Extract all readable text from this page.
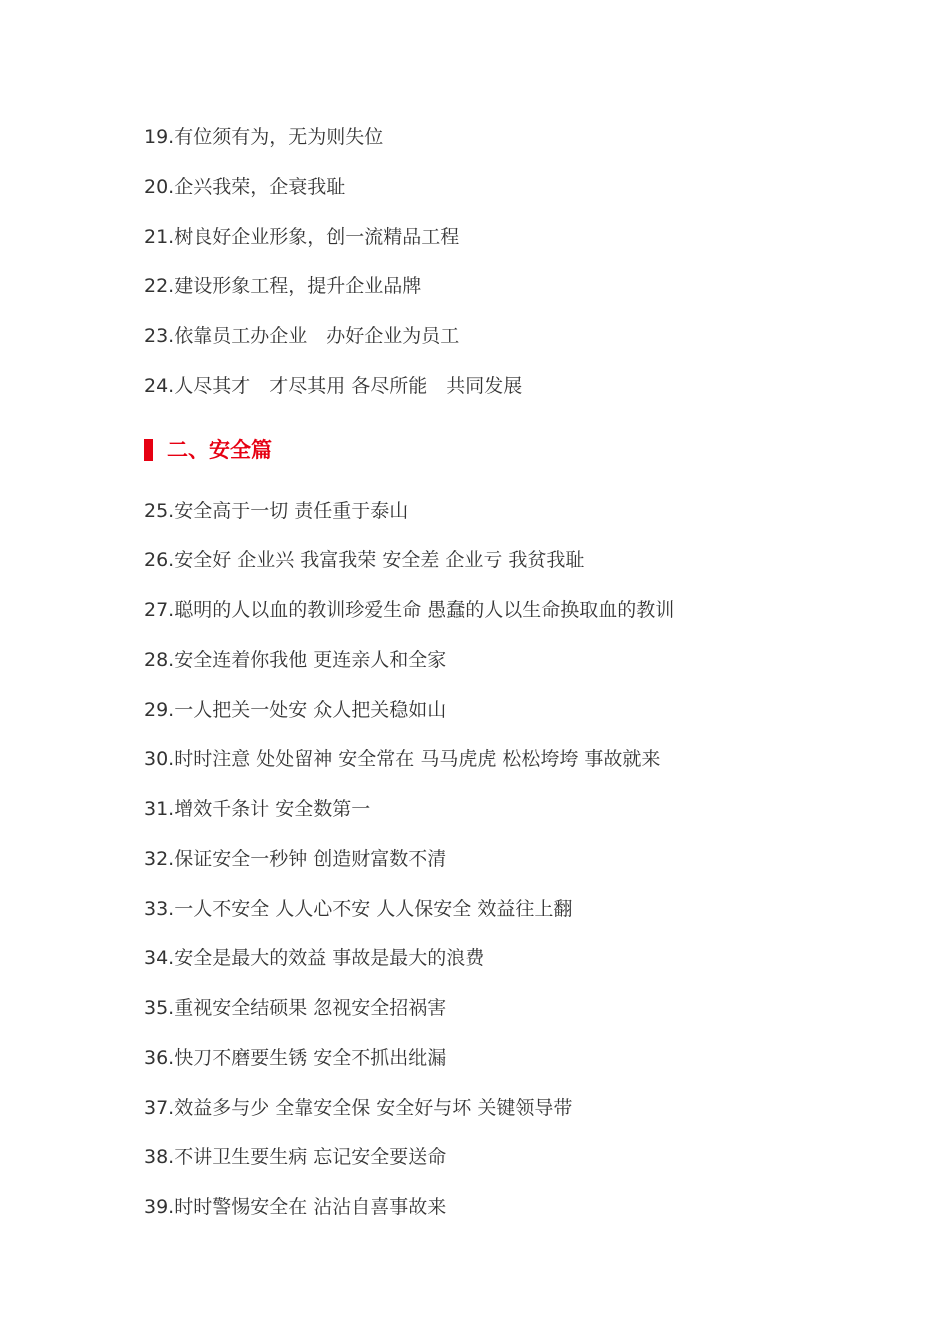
19.有位须有为，无为则失位
20.企兴我荣，企衰我耻
21.树良好企业形象，创一流精品工程
22.建设形象工程，提升企业品牌
23.依靠员工办企业　办好企业为员工
24.人尽其才　才尽其用 各尽所能　共同发展
二、安全篇
25.安全高于一切 责任重于泰山
26.安全好 企业兴 我富我荣 安全差 企业亏 我贫我耻
27.聪明的人以血的教训珍爱生命 愚蠢的人以生命换取血的教训
28.安全连着你我他 更连亲人和全家
29.一人把关一处安 众人把关稳如山
30.时时注意 处处留神 安全常在 马马虎虎 松松垮垮 事故就来
31.增效千条计 安全数第一
32.保证安全一秒钟 创造财富数不清
33.一人不安全 人人心不安 人人保安全 效益往上翻
34.安全是最大的效益 事故是最大的浪费
35.重视安全结硕果 忽视安全招祸害
36.快刀不磨要生锈 安全不抓出纰漏
37.效益多与少 全靠安全保 安全好与坏 关键领导带
38.不讲卫生要生病 忘记安全要送命
39.时时警惕安全在 沾沾自喜事故来
